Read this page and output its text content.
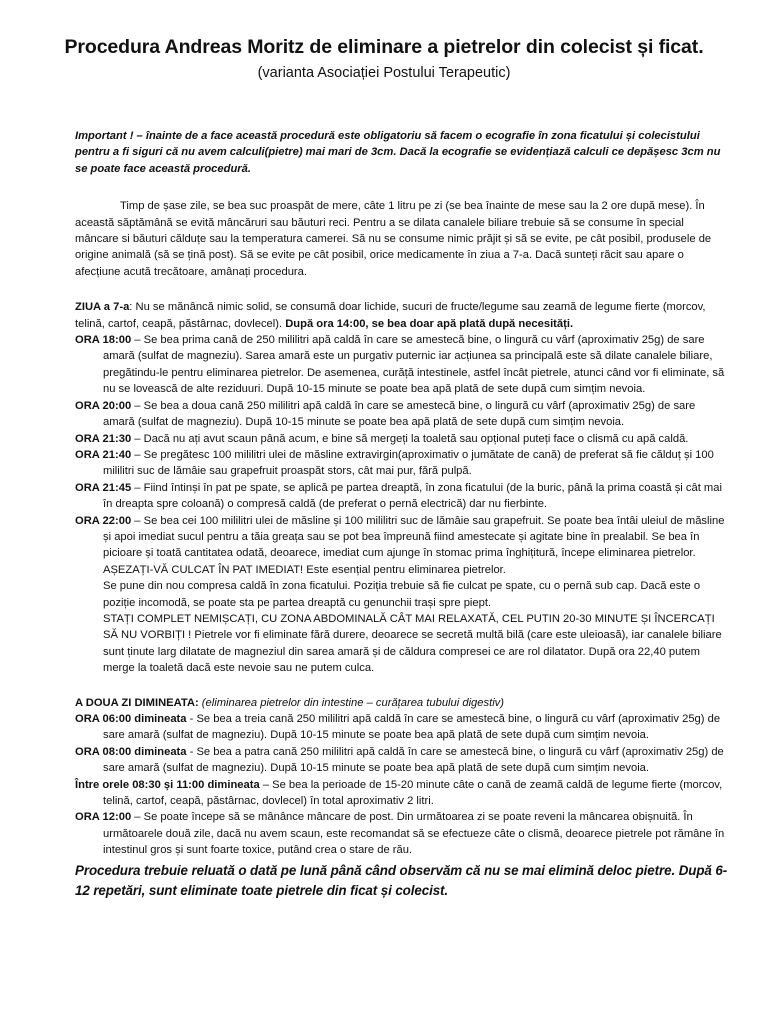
Procedura Andreas Moritz de eliminare a pietrelor din colecist și ficat.
(varianta Asociației Postului Terapeutic)

Important ! – înainte de a face această procedură este obligatoriu să facem o ecografie în zona ficatului și colecistului pentru a fi siguri că nu avem calculi(pietre) mai mari de 3cm. Dacă la ecografie se evidențiază calculi ce depășesc 3cm nu se poate face această procedură.

Timp de șase zile, se bea suc proaspăt de mere, câte 1 litru pe zi (se bea înainte de mese sau la 2 ore după mese). În această săptămână se evită mâncăruri sau băuturi reci. Pentru a se dilata canalele biliare trebuie să se consume în special mâncare si băuturi călduțe sau la temperatura camerei. Să nu se consume nimic prăjit și să se evite, pe cât posibil, produsele de origine animală (să se țină post). Să se evite pe cât posibil, orice medicamente în ziua a 7-a. Dacă sunteți răcit sau apare o afecțiune acută trecătoare, amânați procedura.

ZIUA a 7-a: Nu se mănâncă nimic solid, se consumă doar lichide, sucuri de fructe/legume sau zeamă de legume fierte (morcov, telină, cartof, ceapă, păstârnac, dovlecel). După ora 14:00, se bea doar apă plată după necesități.

ORA 18:00 – Se bea prima cană de 250 mililitri apă caldă în care se amestecă bine, o lingură cu vârf (aproximativ 25g) de sare amară (sulfat de magneziu). Sarea amară este un purgativ puternic iar acțiunea sa principală este să dilate canalele biliare, pregătindu-le pentru eliminarea pietrelor. De asemenea, curăță intestinele, astfel încât pietrele, atunci când vor fi eliminate, să nu se lovească de alte reziduuri. După 10-15 minute se poate bea apă plată de sete după cum simțim nevoia.

ORA 20:00 – Se bea a doua cană 250 mililitri apă caldă în care se amestecă bine, o lingură cu vârf (aproximativ 25g) de sare amară (sulfat de magneziu). După 10-15 minute se poate bea apă plată de sete după cum simțim nevoia.

ORA 21:30 – Dacă nu ați avut scaun până acum, e bine să mergeți la toaletă sau opțional puteți face o clismă cu apă caldă.

ORA 21:40 – Se pregătesc 100 mililitri ulei de măsline extravirgin(aproximativ o jumătate de cană) de preferat să fie călduț și 100 mililitri suc de lămâie sau grapefruit proaspăt stors, cât mai pur, fără pulpă.

ORA 21:45 – Fiind întinși în pat pe spate, se aplică pe partea dreaptă, în zona ficatului (de la buric, până la prima coastă și cât mai în dreapta spre coloană) o compresă caldă (de preferat o pernă electrică) dar nu fierbinte.

ORA 22:00 – Se bea cei 100 mililitri ulei de măsline și 100 mililitri suc de lămâie sau grapefruit. Se poate bea întâi uleiul de măsline și apoi imediat sucul pentru a tăia greața sau se pot bea împreună fiind amestecate și agitate bine în prealabil. Se bea în picioare și toată cantitatea odată, deoarece, imediat cum ajunge în stomac prima înghițitură, începe eliminarea pietrelor.

AȘEZAȚI-VĂ CULCAT ÎN PAT IMEDIAT! Este esențial pentru eliminarea pietrelor.

Se pune din nou compresa caldă în zona ficatului. Poziția trebuie să fie culcat pe spate, cu o pernă sub cap. Dacă este o poziție incomodă, se poate sta pe partea dreaptă cu genunchii trași spre piept.

STAȚI COMPLET NEMIȘCAȚI, CU ZONA ABDOMINALĂ CÂT MAI RELAXATĂ, CEL PUTIN 20-30 MINUTE ȘI ÎNCERCAȚI SĂ NU VORBIȚI ! Pietrele vor fi eliminate fără durere, deoarece se secretă multă bilă (care este uleioasă), iar canalele biliare sunt ținute larg dilatate de magneziul din sarea amară și de căldura compresei ce are rol dilatator. După ora 22,40 putem merge la toaletă dacă este nevoie sau ne putem culca.

A DOUA ZI DIMINEATA: (eliminarea pietrelor din intestine – curățarea tubului digestiv)

ORA 06:00 dimineata - Se bea a treia cană 250 mililitri apă caldă în care se amestecă bine, o lingură cu vârf (aproximativ 25g) de sare amară (sulfat de magneziu). După 10-15 minute se poate bea apă plată de sete după cum simțim nevoia.

ORA 08:00 dimineata - Se bea a patra cană 250 mililitri apă caldă în care se amestecă bine, o lingură cu vârf (aproximativ 25g) de sare amară (sulfat de magneziu). După 10-15 minute se poate bea apă plată de sete după cum simțim nevoia.

Între orele 08:30 și 11:00 dimineata – Se bea la perioade de 15-20 minute câte o cană de zeamă caldă de legume fierte (morcov, telină, cartof, ceapă, păstârnac, dovlecel) în total aproximativ 2 litri.

ORA 12:00 – Se poate începe să se mânânce mâncare de post. Din următoarea zi se poate reveni la mâncarea obișnuită. În următoarele două zile, dacă nu avem scaun, este recomandat să se efectueze câte o clismă, deoarece pietrele pot rămâne în intestinul gros și sunt foarte toxice, putând crea o stare de rău.

Procedura trebuie reluată o dată pe lună până când observăm că nu se mai elimină deloc pietre. După 6-12 repetări, sunt eliminate toate pietrele din ficat și colecist.
